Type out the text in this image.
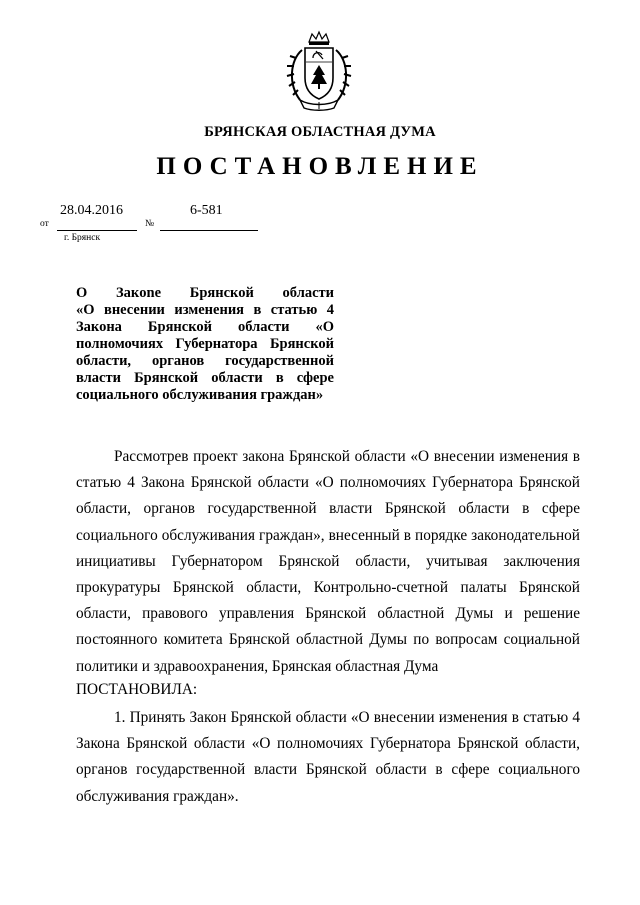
БРЯНСКАЯ ОБЛАСТНАЯ ДУМА
ПОСТАНОВЛЕНИЕ
28.04.2016	6-581
от	№
г. Брянск
О Закone Брянской области
«О внесении изменения в статью 4
Закона Брянской области «О
полномочиях Губернатора Брянской
области, органов государственной
власти Брянской области в сфере
социального обслуживания граждан»
Рассмотрев проект закона Брянской области «О внесении изменения в
статью 4 Закона Брянской области «О полномочиях Губернатора Брянской
области, органов государственной власти Брянской области в сфере
социального обслуживания граждан», внесенный в порядке законодательной
инициативы Губернатором Брянской области, учитывая заключения
прокуратуры Брянской области, Контрольно-счетной палаты Брянской
области, правового управления Брянской областной Думы и решение
постоянного комитета Брянской областной Думы по вопросам социальной
политики и здравоохранения, Брянская областная Дума
ПОСТАНОВИЛА:
1. Принять Закон Брянской области «О внесении изменения в статью 4
Закона Брянской области «О полномочиях Губернатора Брянской области,
органов государственной власти Брянской области в сфере социального
обслуживания граждан».
